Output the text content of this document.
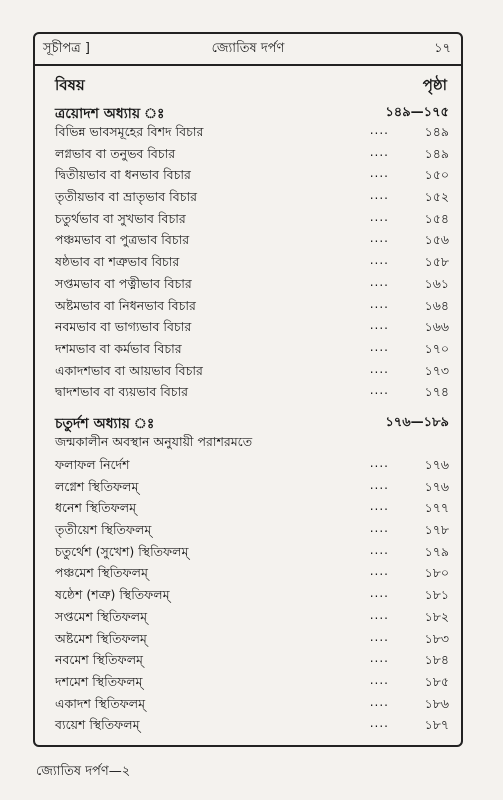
সূচীপত্র ]	জ্যোতিষ দর্পণ	১৭
বিষয়	পৃষ্ঠা
ত্রয়োদশ অধ্যায় ঃ	১৪৯—১৭৫
বিভিন্ন ভাবসমূহের বিশদ বিচার	....	১৪৯
লগ্নভাব বা তনুভব বিচার	....	১৪৯
দ্বিতীয়ভাব বা ধনভাব বিচার	....	১৫০
তৃতীয়ভাব বা ভ্রাতৃভাব বিচার	....	১৫২
চতুর্থভাব বা সুখভাব বিচার	....	১৫৪
পঞ্চমভাব বা পুত্রভাব বিচার	....	১৫৬
ষষ্ঠভাব বা শত্রুভাব বিচার	....	১৫৮
সপ্তমভাব বা পত্নীভাব বিচার	....	১৬১
অষ্টমভাব বা নিধনভাব বিচার	....	১৬৪
নবমভাব বা ভাগ্যভাব বিচার	....	১৬৬
দশমভাব বা কর্মভাব বিচার	....	১৭০
একাদশভাব বা আয়ভাব বিচার	....	১৭৩
দ্বাদশভাব বা ব্যয়ভাব বিচার	....	১৭৪
চতুর্দশ অধ্যায় ঃ	১৭৬—১৮৯
জন্মকালীন অবস্থান অনুযায়ী পরাশরমতে
ফলাফল নির্দেশ	....	১৭৬
লগ্নেশ স্থিতিফলম্	....	১৭৬
ধনেশ স্থিতিফলম্	....	১৭৭
তৃতীয়েশ স্থিতিফলম্	....	১৭৮
চতুর্থেশ (সুখেশ) স্থিতিফলম্	....	১৭৯
পঞ্চমেশ স্থিতিফলম্	....	১৮০
ষষ্ঠেশ (শত্রু) স্থিতিফলম্	....	১৮১
সপ্তমেশ স্থিতিফলম্	....	১৮২
অষ্টমেশ স্থিতিফলম্	....	১৮৩
নবমেশ স্থিতিফলম্	....	১৮৪
দশমেশ স্থিতিফলম্	....	১৮৫
একাদশ স্থিতিফলম্	....	১৮৬
ব্যয়েশ স্থিতিফলম্	....	১৮৭
জ্যোতিষ দর্পণ—২
